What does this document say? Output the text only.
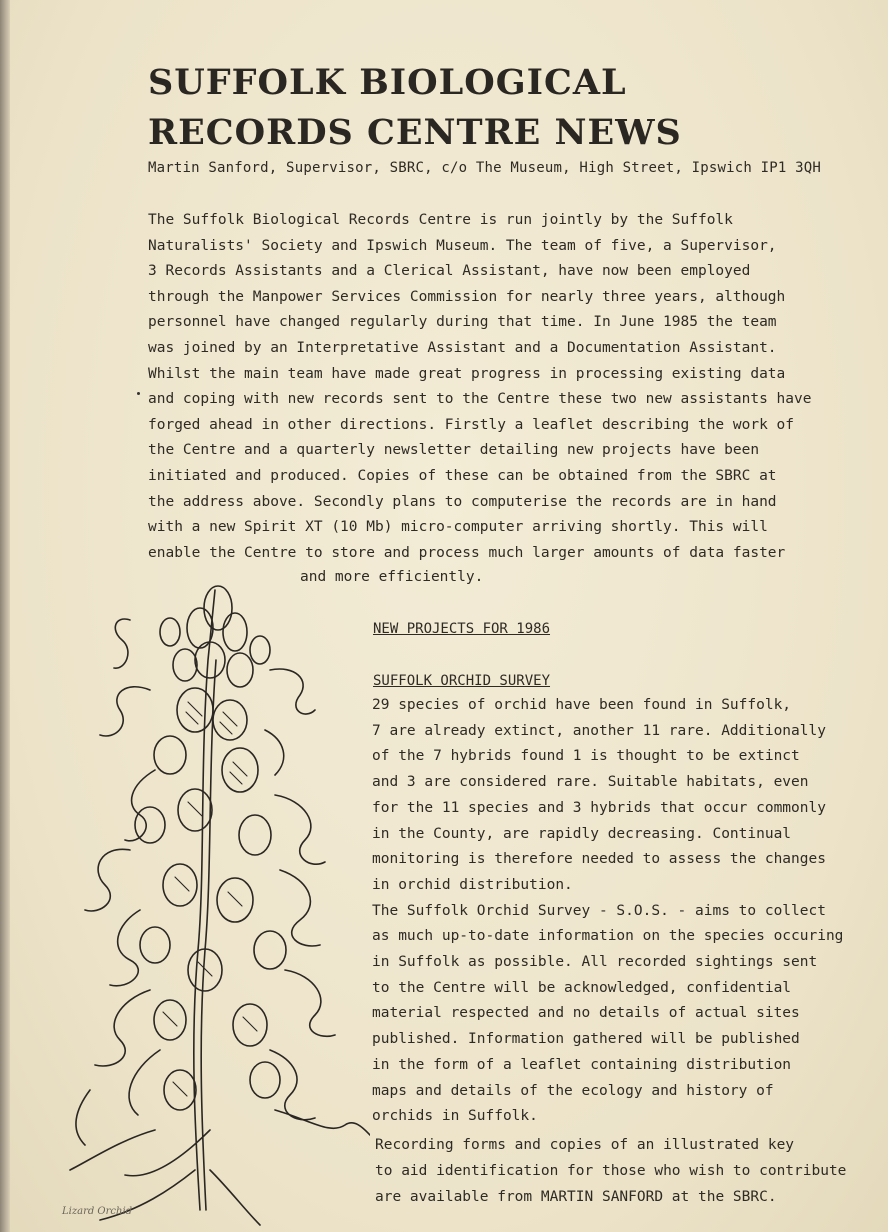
SUFFOLK BIOLOGICAL
RECORDS CENTRE NEWS
Martin Sanford, Supervisor, SBRC, c/o The Museum, High Street, Ipswich IP1 3QH

The Suffolk Biological Records Centre is run jointly by the Suffolk
Naturalists' Society and Ipswich Museum. The team of five, a Supervisor,
3 Records Assistants and a Clerical Assistant, have now been employed
through the Manpower Services Commission for nearly three years, although
personnel have changed regularly during that time. In June 1985 the team
was joined by an Interpretative Assistant and a Documentation Assistant.
Whilst the main team have made great progress in processing existing data
and coping with new records sent to the Centre these two new assistants have
forged ahead in other directions. Firstly a leaflet describing the work of
the Centre and a quarterly newsletter detailing new projects have been
initiated and produced. Copies of these can be obtained from the SBRC at
the address above. Secondly plans to computerise the records are in hand
with a new Spirit XT (10 Mb) micro-computer arriving shortly. This will
enable the Centre to store and process much larger amounts of data faster

and more efficiently.
NEW PROJECTS FOR 1986
SUFFOLK ORCHID SURVEY

29 species of orchid have been found in Suffolk,
7 are already extinct, another 11 rare. Additionally
of the 7 hybrids found 1 is thought to be extinct
and 3 are considered rare. Suitable habitats, even
for the 11 species and 3 hybrids that occur commonly
in the County, are rapidly decreasing. Continual
monitoring is therefore needed to assess the changes
in orchid distribution.
The Suffolk Orchid Survey - S.O.S. - aims to collect
as much up-to-date information on the species occuring
in Suffolk as possible. All recorded sightings sent
to the Centre will be acknowledged, confidential
material respected and no details of actual sites
published. Information gathered will be published
in the form of a leaflet containing distribution
maps and details of the ecology and history of
orchids in Suffolk.

Recording forms and copies of an illustrated key
to aid identification for those who wish to contribute
are available from MARTIN SANFORD at the SBRC.

Lizard Orchid
